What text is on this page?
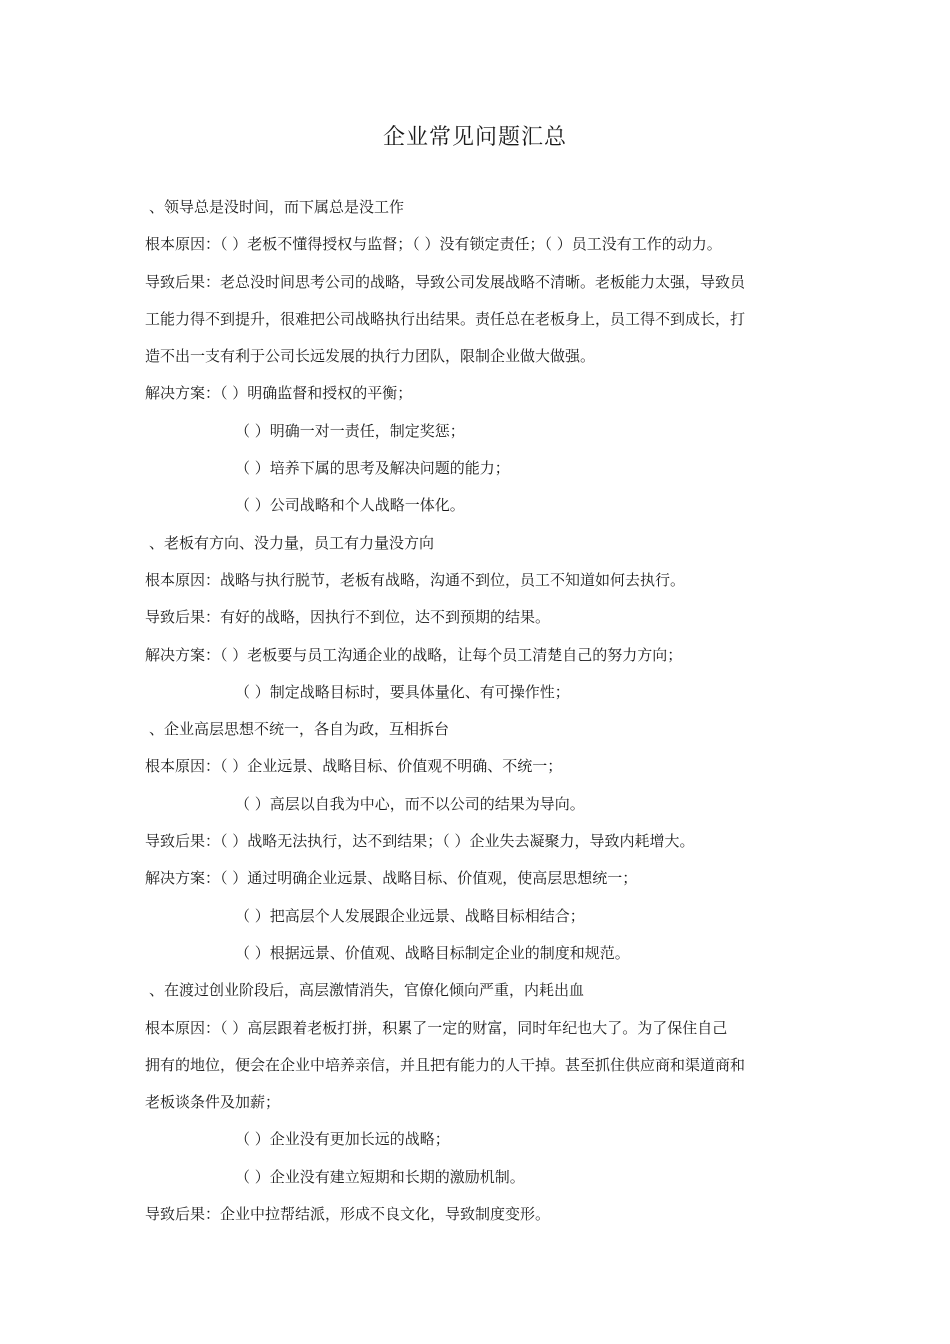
企业常见问题汇总
、领导总是没时间，而下属总是没工作
根本原因：（ ）老板不懂得授权与监督；（ ）没有锁定责任；（ ）员工没有工作的动力。
导致后果：老总没时间思考公司的战略，导致公司发展战略不清晰。老板能力太强，导致员
工能力得不到提升，很难把公司战略执行出结果。责任总在老板身上，员工得不到成长，打
造不出一支有利于公司长远发展的执行力团队，限制企业做大做强。
解决方案：（ ）明确监督和授权的平衡；
（ ）明确一对一责任，制定奖惩；
（ ）培养下属的思考及解决问题的能力；
（ ）公司战略和个人战略一体化。
、老板有方向、没力量，员工有力量没方向
根本原因：战略与执行脱节，老板有战略，沟通不到位，员工不知道如何去执行。
导致后果：有好的战略，因执行不到位，达不到预期的结果。
解决方案：（ ）老板要与员工沟通企业的战略，让每个员工清楚自己的努力方向；
（ ）制定战略目标时，要具体量化、有可操作性；
、企业高层思想不统一，各自为政，互相拆台
根本原因：（ ）企业远景、战略目标、价值观不明确、不统一；
（ ）高层以自我为中心，而不以公司的结果为导向。
导致后果：（ ）战略无法执行，达不到结果；（ ）企业失去凝聚力，导致内耗增大。
解决方案：（ ）通过明确企业远景、战略目标、价值观，使高层思想统一；
（ ）把高层个人发展跟企业远景、战略目标相结合；
（ ）根据远景、价值观、战略目标制定企业的制度和规范。
、在渡过创业阶段后，高层激情消失，官僚化倾向严重，内耗出血
根本原因：（ ）高层跟着老板打拼，积累了一定的财富，同时年纪也大了。为了保住自己
拥有的地位，便会在企业中培养亲信，并且把有能力的人干掉。甚至抓住供应商和渠道商和
老板谈条件及加薪；
（ ）企业没有更加长远的战略；
（ ）企业没有建立短期和长期的激励机制。
导致后果：企业中拉帮结派，形成不良文化，导致制度变形。
